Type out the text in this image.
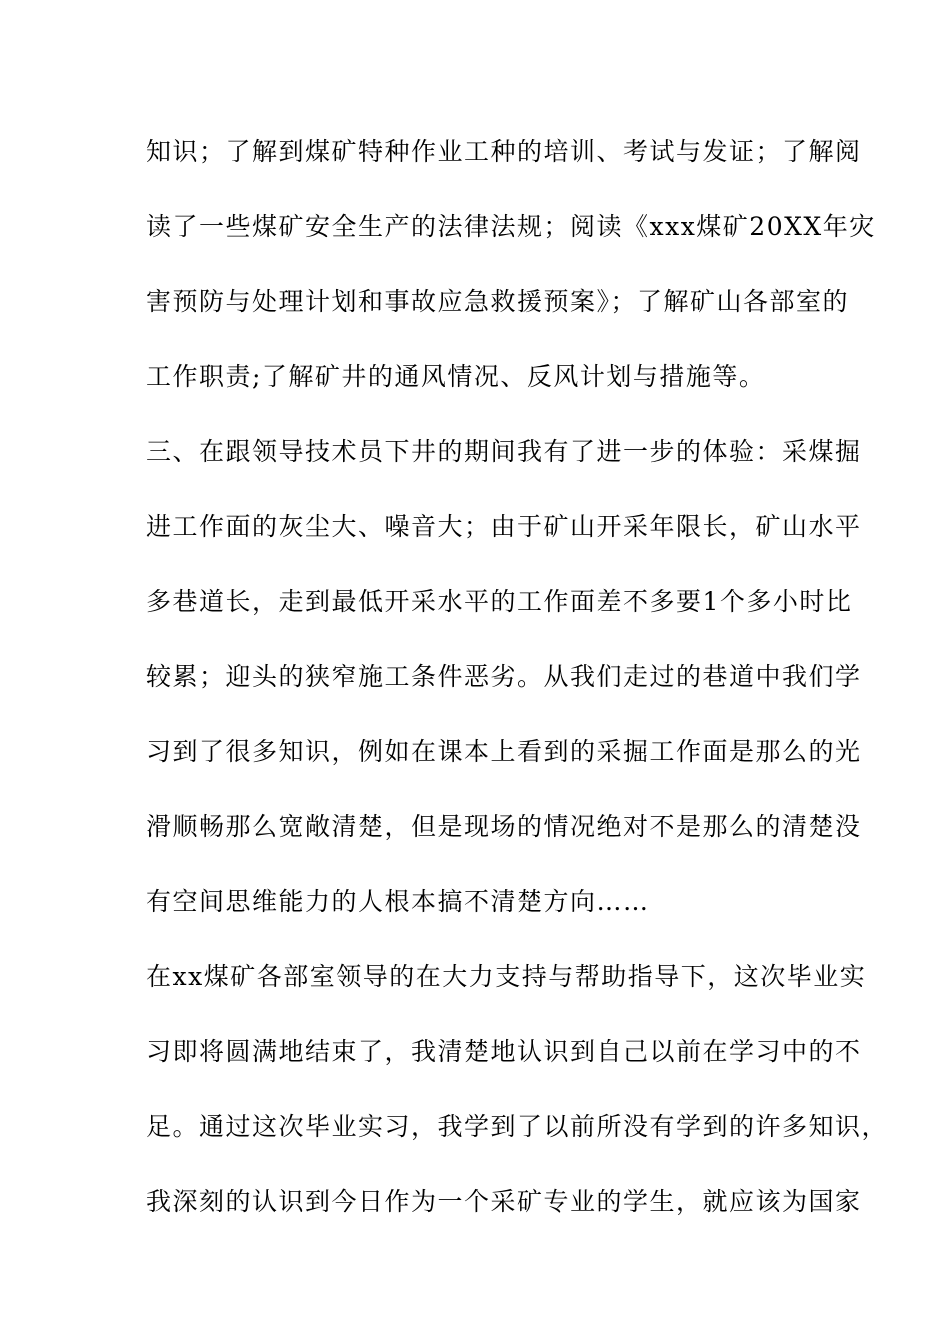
知识；了解到煤矿特种作业工种的培训、考试与发证；了解阅
读了一些煤矿安全生产的法律法规；阅读《xxx煤矿20XX年灾
害预防与处理计划和事故应急救援预案》；了解矿山各部室的
工作职责;了解矿井的通风情况、反风计划与措施等。
三、在跟领导技术员下井的期间我有了进一步的体验：采煤掘
进工作面的灰尘大、噪音大；由于矿山开采年限长，矿山水平
多巷道长，走到最低开采水平的工作面差不多要1个多小时比
较累；迎头的狭窄施工条件恶劣。从我们走过的巷道中我们学
习到了很多知识，例如在课本上看到的采掘工作面是那么的光
滑顺畅那么宽敞清楚，但是现场的情况绝对不是那么的清楚没
有空间思维能力的人根本搞不清楚方向……
在xx煤矿各部室领导的在大力支持与帮助指导下，这次毕业实
习即将圆满地结束了，我清楚地认识到自己以前在学习中的不
足。通过这次毕业实习，我学到了以前所没有学到的许多知识，
我深刻的认识到今日作为一个采矿专业的学生，就应该为国家
